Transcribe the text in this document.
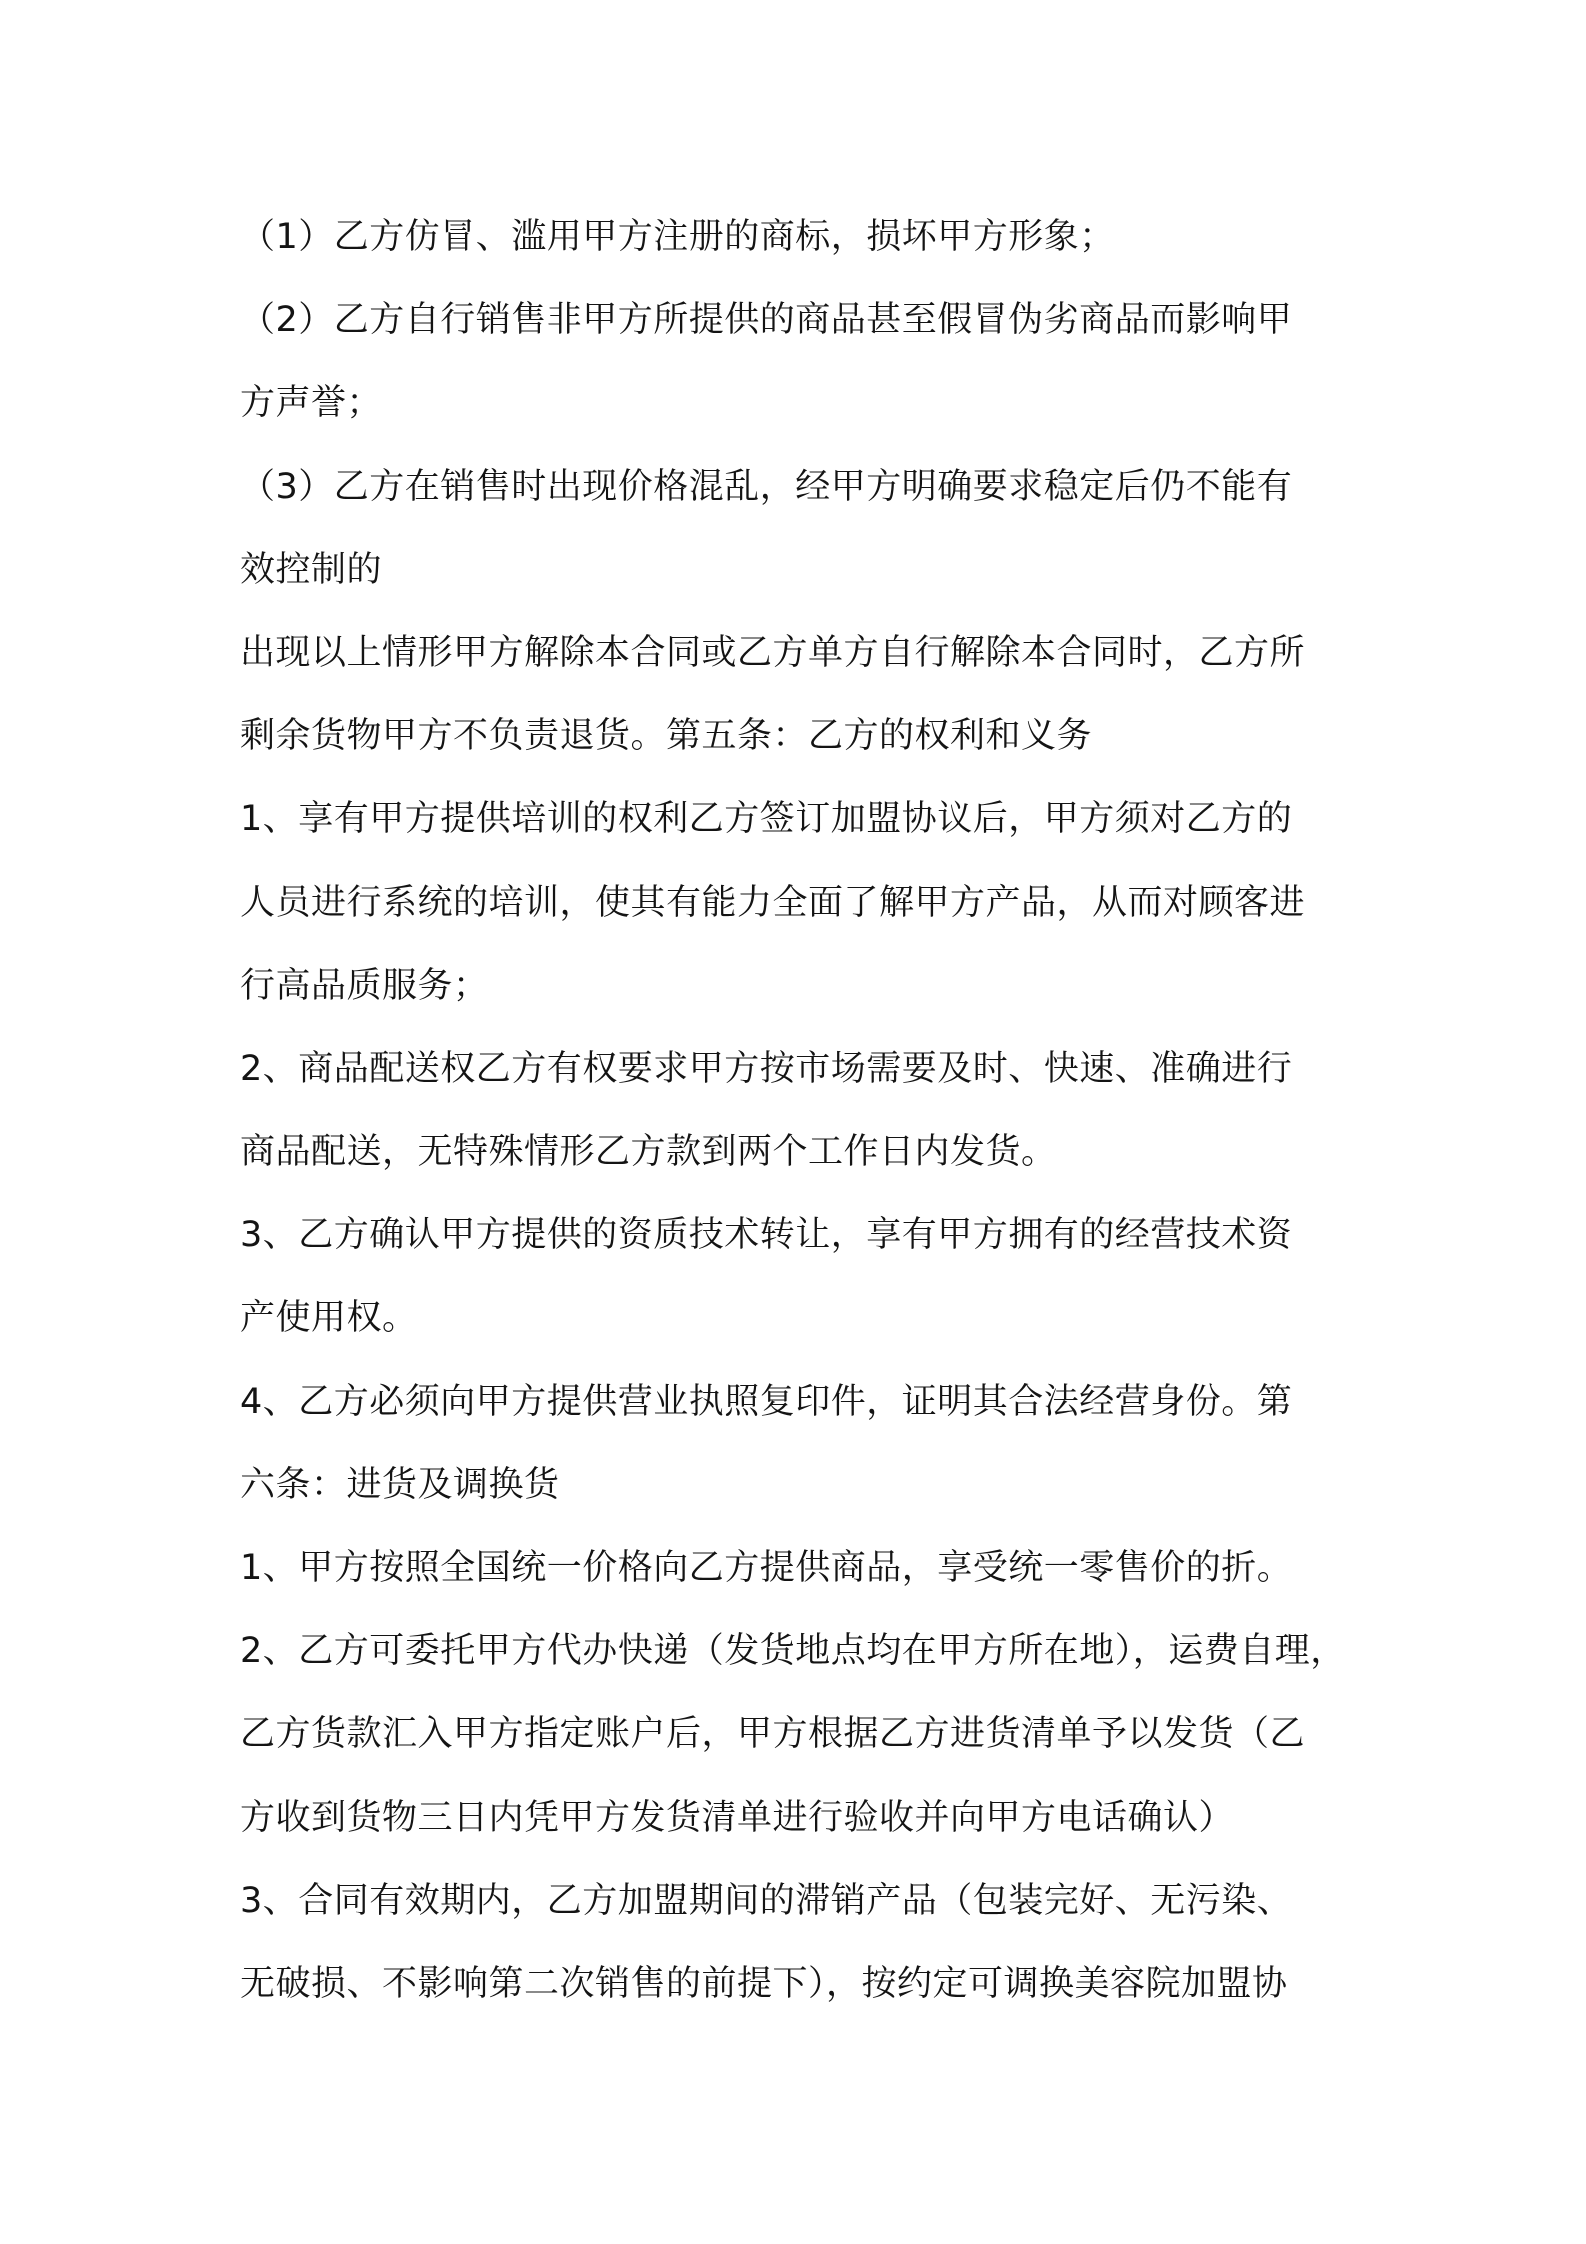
（1）乙方仿冒、滥用甲方注册的商标，损坏甲方形象；
（2）乙方自行销售非甲方所提供的商品甚至假冒伪劣商品而影响甲
方声誉；
（3）乙方在销售时出现价格混乱，经甲方明确要求稳定后仍不能有
效控制的
出现以上情形甲方解除本合同或乙方单方自行解除本合同时，乙方所
剩余货物甲方不负责退货。第五条：乙方的权利和义务
1、享有甲方提供培训的权利乙方签订加盟协议后，甲方须对乙方的
人员进行系统的培训，使其有能力全面了解甲方产品，从而对顾客进
行高品质服务；
2、商品配送权乙方有权要求甲方按市场需要及时、快速、准确进行
商品配送，无特殊情形乙方款到两个工作日内发货。
3、乙方确认甲方提供的资质技术转让，享有甲方拥有的经营技术资
产使用权。
4、乙方必须向甲方提供营业执照复印件，证明其合法经营身份。第
六条：进货及调换货
1、甲方按照全国统一价格向乙方提供商品，享受统一零售价的折。
2、乙方可委托甲方代办快递（发货地点均在甲方所在地），运费自理，
乙方货款汇入甲方指定账户后，甲方根据乙方进货清单予以发货（乙
方收到货物三日内凭甲方发货清单进行验收并向甲方电话确认）
3、合同有效期内，乙方加盟期间的滞销产品（包装完好、无污染、
无破损、不影响第二次销售的前提下），按约定可调换美容院加盟协
